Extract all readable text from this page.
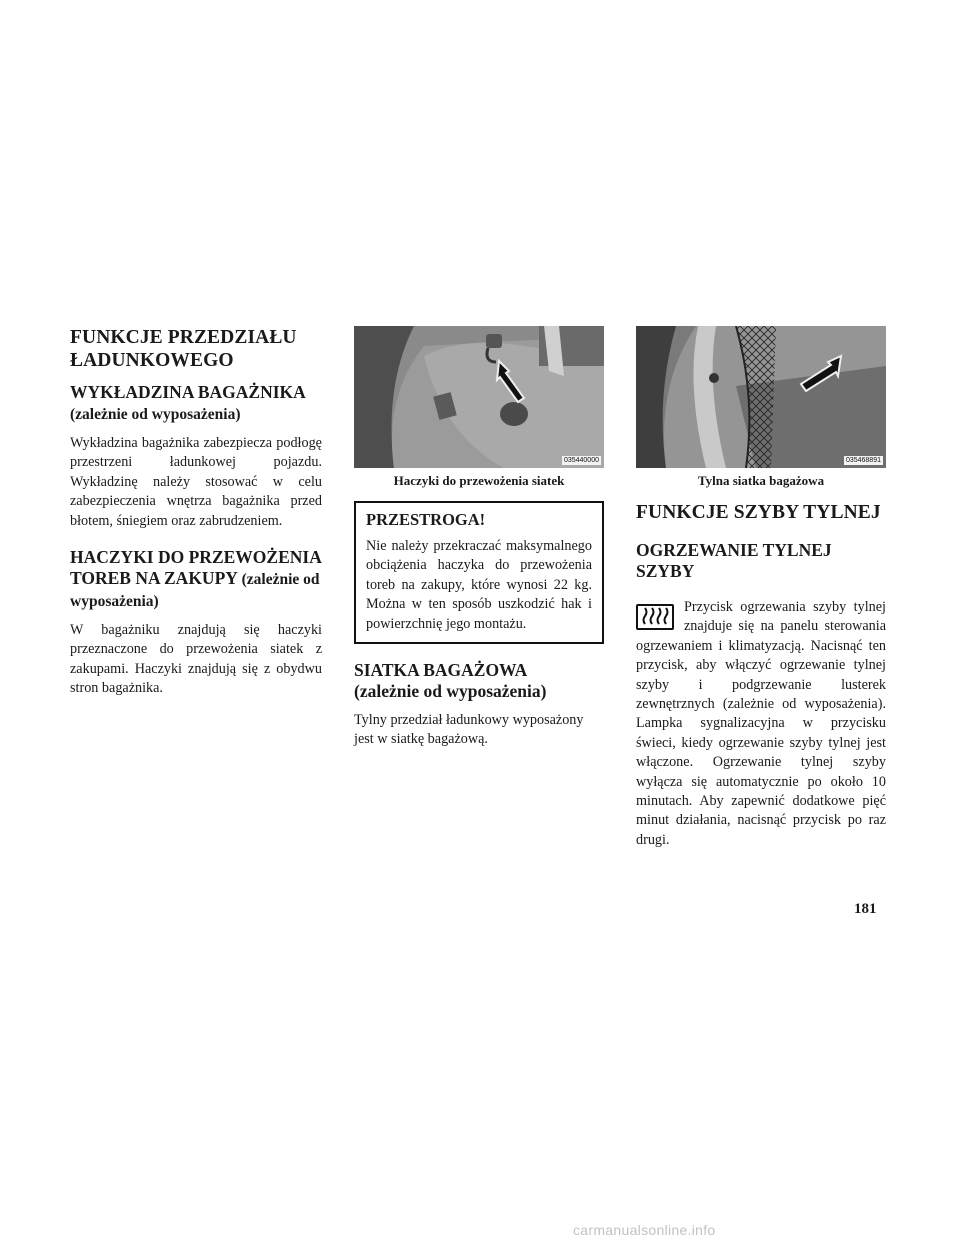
FUNKCJE PRZEDZIAŁU ŁADUNKOWEGO
WYKŁADZINA BAGAŻNIKA (zależnie od wyposażenia)

Wykładzina bagażnika zabezpiecza podłogę przestrzeni ładunkowej pojazdu. Wykładzinę należy stosować w celu zabezpieczenia wnętrza bagażnika przed błotem, śniegiem oraz zabrudzeniem.

HACZYKI DO PRZEWOŻENIA TOREB NA ZAKUPY (zależnie od wyposażenia)

W bagażniku znajdują się haczyki przeznaczone do przewożenia siatek z zakupami. Haczyki znajdują się z obydwu stron bagażnika.

035440000
Haczyki do przewożenia siatek
PRZESTROGA!
Nie należy przekraczać maksymalnego obciążenia haczyka do przewożenia toreb na zakupy, które wynosi 22 kg. Można w ten sposób uszkodzić hak i powierzchnię jego montażu.
SIATKA BAGAŻOWA
(zależnie od wyposażenia)

Tylny przedział ładunkowy wyposażony jest w siatkę bagażową.

035468891
Tylna siatka bagażowa
FUNKCJE SZYBY TYLNEJ
OGRZEWANIE TYLNEJ SZYBY

Przycisk ogrzewania szyby tylnej znajduje się na panelu sterowania ogrzewaniem i klimatyzacją. Nacisnąć ten przycisk, aby włączyć ogrzewanie tylnej szyby i podgrzewanie lusterek zewnętrznych (zależnie od wyposażenia). Lampka sygnalizacyjna w przycisku świeci, kiedy ogrzewanie szyby tylnej jest włączone. Ogrzewanie tylnej szyby wyłącza się automatycznie po około 10 minutach. Aby zapewnić dodatkowe pięć minut działania, nacisnąć przycisk po raz drugi.

181
carmanualsonline.info
